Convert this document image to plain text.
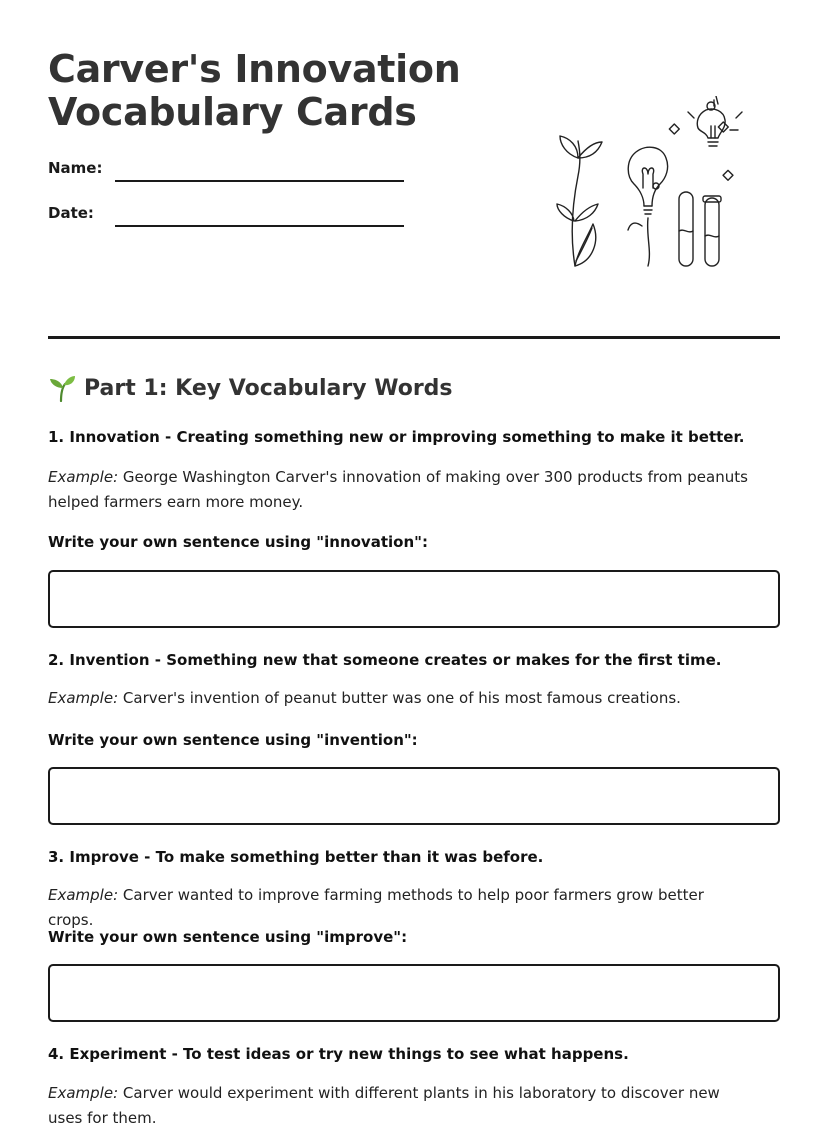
Carver's Innovation
Vocabulary Cards
Name:
Date:
Part 1: Key Vocabulary Words
1. Innovation - Creating something new or improving something to make it better.
Example: George Washington Carver's innovation of making over 300 products from peanuts helped farmers earn more money.
Write your own sentence using "innovation":
2. Invention - Something new that someone creates or makes for the first time.
Example: Carver's invention of peanut butter was one of his most famous creations.
Write your own sentence using "invention":
3. Improve - To make something better than it was before.
Example: Carver wanted to improve farming methods to help poor farmers grow better crops.
Write your own sentence using "improve":
4. Experiment - To test ideas or try new things to see what happens.
Example: Carver would experiment with different plants in his laboratory to discover new uses for them.
